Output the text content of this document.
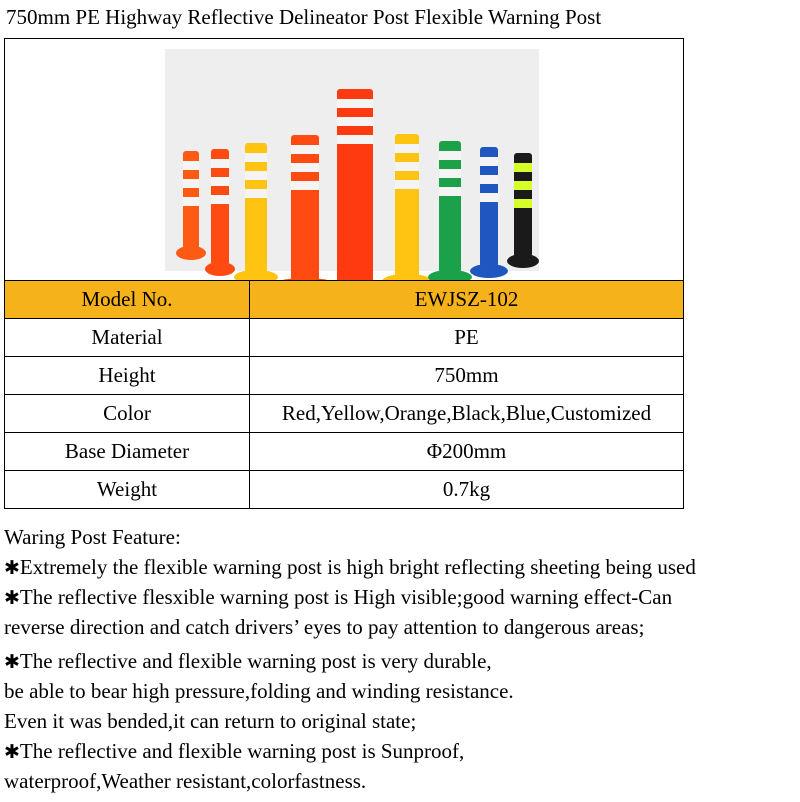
750mm PE Highway Reflective Delineator Post Flexible Warning Post
Model No.	EWJSZ-102
Material	PE
Height	750mm
Color	Red,Yellow,Orange,Black,Blue,Customized
Base Diameter	Φ200mm
Weight	0.7kg
Waring Post Feature:
✱Extremely the flexible warning post is high bright reflecting sheeting being used
✱The reflective flesxible warning post is High visible;good warning effect-Can
reverse direction and catch drivers’ eyes to pay attention to dangerous areas;
✱The reflective and flexible warning post is very durable,
be able to bear high pressure,folding and winding resistance.
Even it was bended,it can return to original state;
✱The reflective and flexible warning post is Sunproof,
waterproof,Weather resistant,colorfastness.
